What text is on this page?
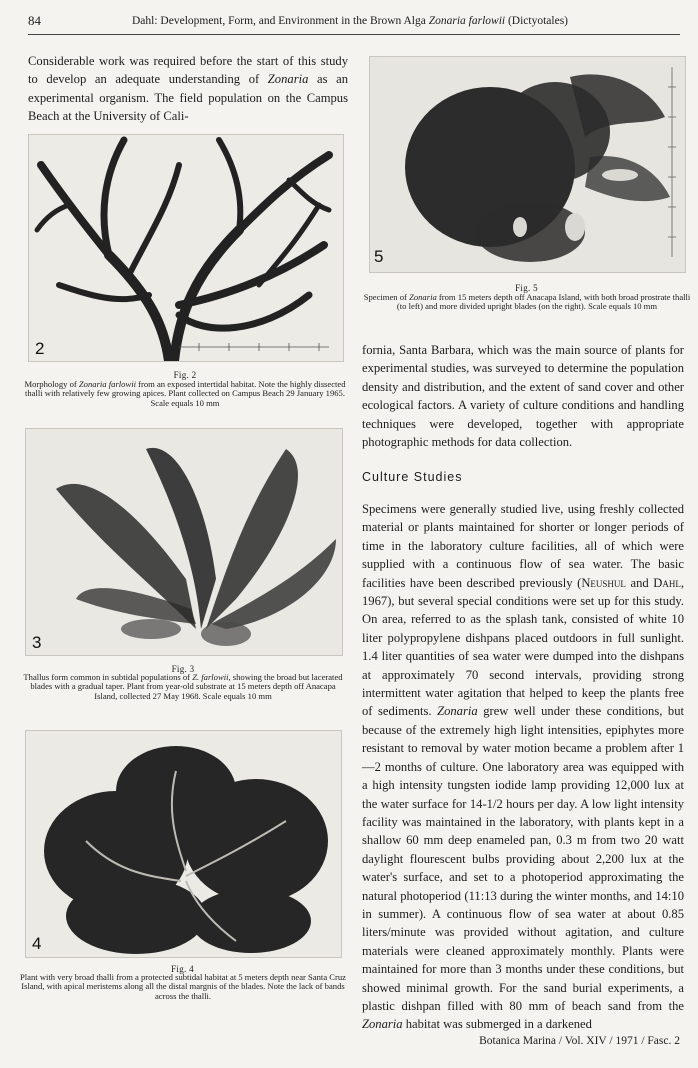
84	Dahl: Development, Form, and Environment in the Brown Alga Zonaria farlowii (Dictyotales)

Considerable work was required before the start of this study to develop an adequate understanding of Zonaria as an experimental organism. The field population on the Campus Beach at the University of Cali-

2
Fig. 2
Morphology of Zonaria farlowii from an exposed intertidal habitat. Note the highly dissected thalli with relatively few growing apices. Plant collected on Campus Beach 29 January 1965. Scale equals 10 mm
3
Fig. 3
Thallus form common in subtidal populations of Z. farlowii, showing the broad but lacerated blades with a gradual taper. Plant from year-old substrate at 15 meters depth off Anacapa Island, collected 27 May 1968. Scale equals 10 mm
4
Fig. 4
Plant with very broad thalli from a protected subtidal habitat at 5 meters depth near Santa Cruz Island, with apical meristems along all the distal margnis of the blades. Note the lack of bands across the thalli.
5
Fig. 5
Specimen of Zonaria from 15 meters depth off Anacapa Island, with both broad prostrate thalli (to left) and more divided upright blades (on the right). Scale equals 10 mm

fornia, Santa Barbara, which was the main source of plants for experimental studies, was surveyed to determine the population density and distribution, and the extent of sand cover and other ecological factors. A variety of culture conditions and handling techniques were developed, together with appropriate photographic methods for data collection.

Culture Studies

Specimens were generally studied live, using freshly collected material or plants maintained for shorter or longer periods of time in the laboratory culture facilities, all of which were supplied with a continuous flow of sea water. The basic facilities have been described previously (Neushul and Dahl, 1967), but several special conditions were set up for this study. On area, referred to as the splash tank, consisted of white 10 liter polypropylene dishpans placed outdoors in full sunlight. 1.4 liter quantities of sea water were dumped into the dishpans at approximately 70 second intervals, providing strong intermittent water agitation that helped to keep the plants free of sediments. Zonaria grew well under these conditions, but because of the extremely high light intensities, epiphytes more resistant to removal by water motion became a problem after 1—2 months of culture. One laboratory area was equipped with a high intensity tungsten iodide lamp providing 12,000 lux at the water surface for 14-1/2 hours per day. A low light intensity facility was maintained in the laboratory, with plants kept in a shallow 60 mm deep enameled pan, 0.3 m from two 20 watt daylight flourescent bulbs providing about 2,200 lux at the water's surface, and set to a photoperiod approximating the natural photoperiod (11:13 during the winter months, and 14:10 in summer). A continuous flow of sea water at about 0.85 liters/minute was provided without agitation, and culture materials were cleaned approximately monthly. Plants were maintained for more than 3 months under these conditions, but showed minimal growth. For the sand burial experiments, a plastic dishpan filled with 80 mm of beach sand from the Zonaria habitat was submerged in a darkened

Botanica Marina / Vol. XIV / 1971 / Fasc. 2
